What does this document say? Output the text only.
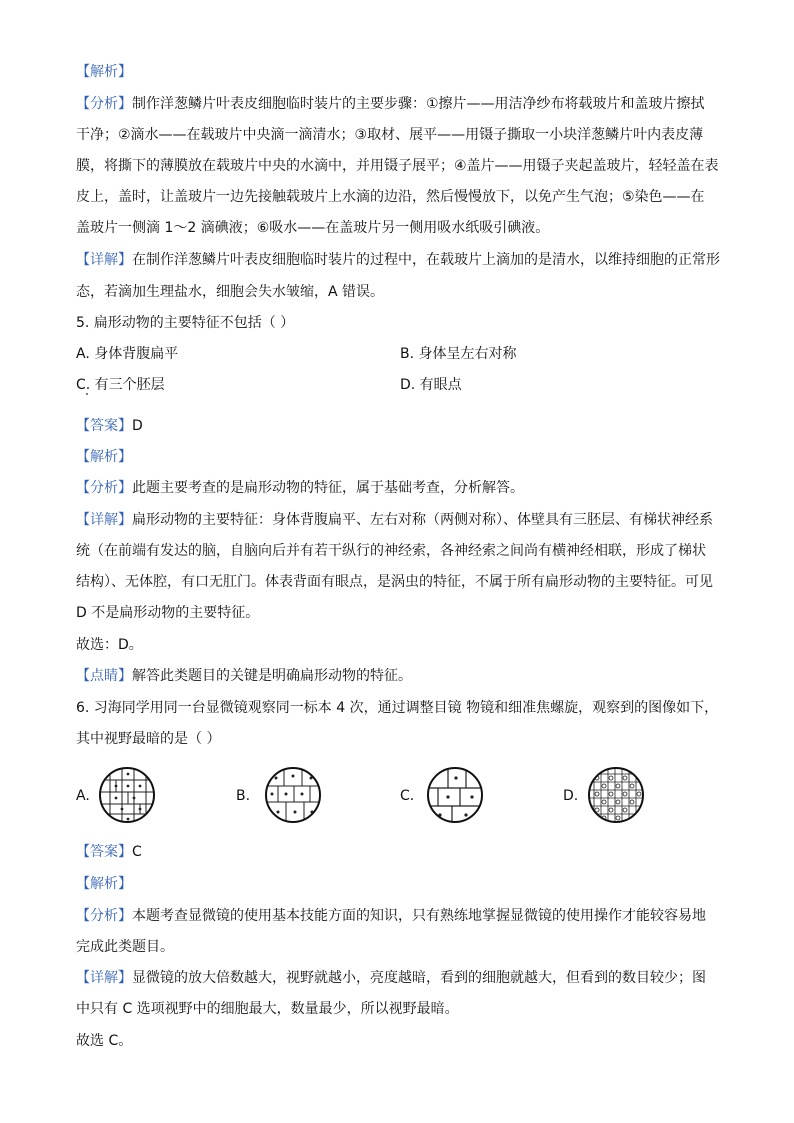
【解析】
【分析】制作洋葱鳞片叶表皮细胞临时装片的主要步骤：①擦片——用洁净纱布将载玻片和盖玻片擦拭
干净；②滴水——在载玻片中央滴一滴清水；③取材、展平——用镊子撕取一小块洋葱鳞片叶内表皮薄
膜，将撕下的薄膜放在载玻片中央的水滴中，并用镊子展平；④盖片——用镊子夹起盖玻片，轻轻盖在表
皮上，盖时，让盖玻片一边先接触载玻片上水滴的边沿，然后慢慢放下，以免产生气泡；⑤染色——在
盖玻片一侧滴 1～2 滴碘液；⑥吸水——在盖玻片另一侧用吸水纸吸引碘液。
【详解】在制作洋葱鳞片叶表皮细胞临时装片的过程中，在载玻片上滴加的是清水，以维持细胞的正常形
态，若滴加生理盐水，细胞会失水皱缩，A 错误。
5. 扁形动物的主要特征不包括（ ）
A. 身体背腹扁平	B. 身体呈左右对称
C. 有三个胚层	D. 有眼点
【答案】D
【解析】
【分析】此题主要考查的是扁形动物的特征，属于基础考查，分析解答。
【详解】扁形动物的主要特征：身体背腹扁平、左右对称（两侧对称）、体壁具有三胚层、有梯状神经系
统（在前端有发达的脑，自脑向后并有若干纵行的神经索，各神经索之间尚有横神经相联，形成了梯状
结构）、无体腔，有口无肛门。体表背面有眼点，是涡虫的特征，不属于所有扁形动物的主要特征。可见
D 不是扁形动物的主要特征。
故选：D。
【点睛】解答此类题目的关键是明确扁形动物的特征。
6. 习海同学用同一台显微镜观察同一标本 4 次，通过调整目镜 物镜和细准焦螺旋，观察到的图像如下，
其中视野最暗的是（ ）
A.	B.	C.	D.
【答案】C
【解析】
【分析】本题考查显微镜的使用基本技能方面的知识，只有熟练地掌握显微镜的使用操作才能较容易地
完成此类题目。
【详解】显微镜的放大倍数越大，视野就越小，亮度越暗，看到的细胞就越大，但看到的数目较少；图
中只有 C 选项视野中的细胞最大，数量最少，所以视野最暗。
故选 C。
